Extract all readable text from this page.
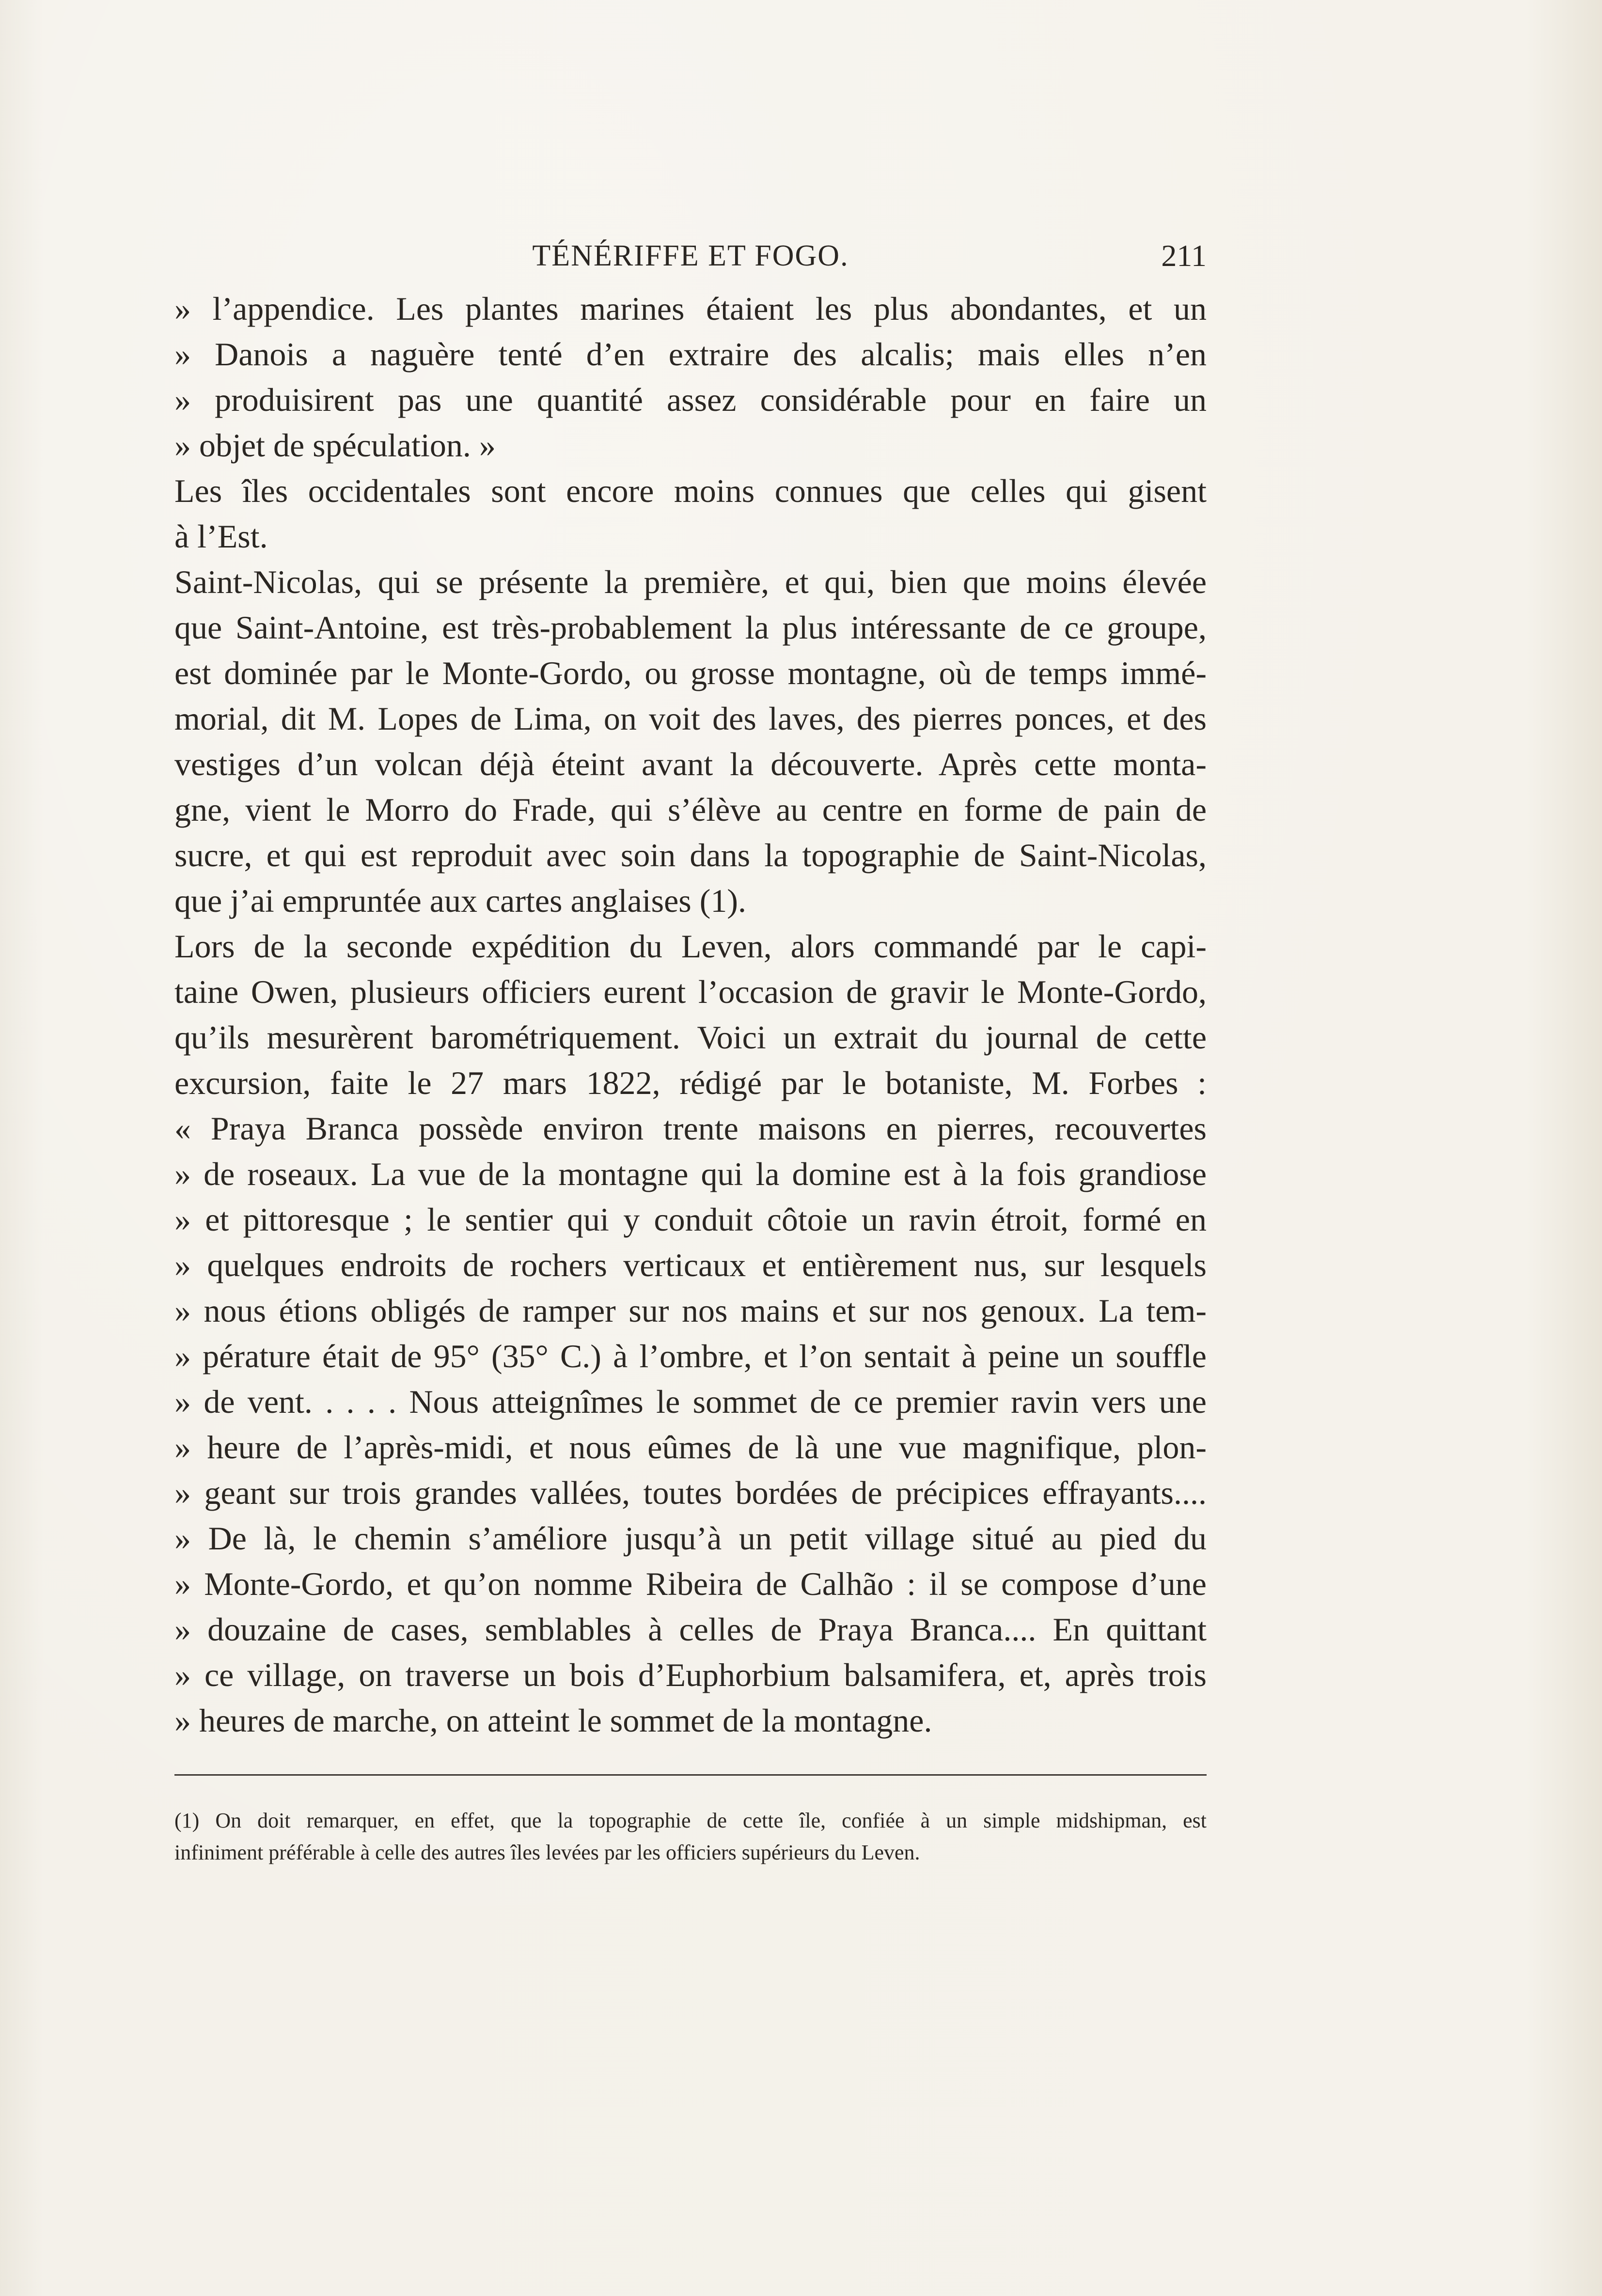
TÉNÉRIFFE ET FOGO.	211
» l’appendice. Les plantes marines étaient les plus abondantes, et un
» Danois a naguère tenté d’en extraire des alcalis; mais elles n’en
» produisirent pas une quantité assez considérable pour en faire un
» objet de spéculation. »
Les îles occidentales sont encore moins connues que celles qui gisent
à l’Est.
Saint-Nicolas, qui se présente la première, et qui, bien que moins élevée
que Saint-Antoine, est très-probablement la plus intéressante de ce groupe,
est dominée par le Monte-Gordo, ou grosse montagne, où de temps immé-
morial, dit M. Lopes de Lima, on voit des laves, des pierres ponces, et des
vestiges d’un volcan déjà éteint avant la découverte. Après cette monta-
gne, vient le Morro do Frade, qui s’élève au centre en forme de pain de
sucre, et qui est reproduit avec soin dans la topographie de Saint-Nicolas,
que j’ai empruntée aux cartes anglaises (1).
Lors de la seconde expédition du Leven, alors commandé par le capi-
taine Owen, plusieurs officiers eurent l’occasion de gravir le Monte-Gordo,
qu’ils mesurèrent barométriquement. Voici un extrait du journal de cette
excursion, faite le 27 mars 1822, rédigé par le botaniste, M. Forbes :
« Praya Branca possède environ trente maisons en pierres, recouvertes
» de roseaux. La vue de la montagne qui la domine est à la fois grandiose
» et pittoresque ; le sentier qui y conduit côtoie un ravin étroit, formé en
» quelques endroits de rochers verticaux et entièrement nus, sur lesquels
» nous étions obligés de ramper sur nos mains et sur nos genoux. La tem-
» pérature était de 95° (35° C.) à l’ombre, et l’on sentait à peine un souffle
» de vent. . . . . Nous atteignîmes le sommet de ce premier ravin vers une
» heure de l’après-midi, et nous eûmes de là une vue magnifique, plon-
» geant sur trois grandes vallées, toutes bordées de précipices effrayants....
» De là, le chemin s’améliore jusqu’à un petit village situé au pied du
» Monte-Gordo, et qu’on nomme Ribeira de Calhão : il se compose d’une
» douzaine de cases, semblables à celles de Praya Branca.... En quittant
» ce village, on traverse un bois d’Euphorbium balsamifera, et, après trois
» heures de marche, on atteint le sommet de la montagne.
(1) On doit remarquer, en effet, que la topographie de cette île, confiée à un simple midshipman, est
infiniment préférable à celle des autres îles levées par les officiers supérieurs du Leven.
